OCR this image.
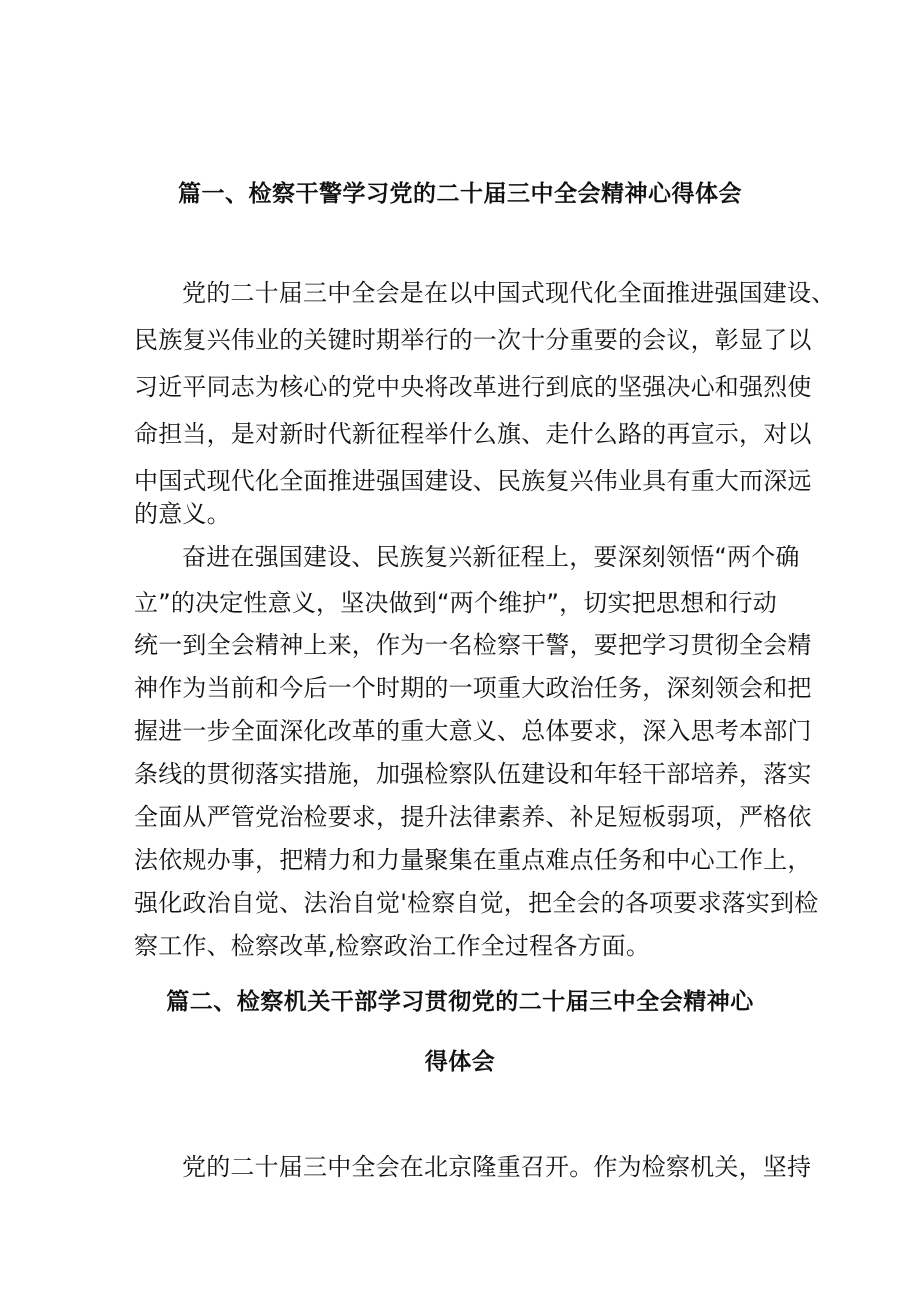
篇一、检察干警学习党的二十届三中全会精神心得体会
党的二十届三中全会是在以中国式现代化全面推进强国建设、
民族复兴伟业的关键时期举行的一次十分重要的会议，彰显了以
习近平同志为核心的党中央将改革进行到底的坚强决心和强烈使
命担当，是对新时代新征程举什么旗、走什么路的再宣示，对以
中国式现代化全面推进强国建设、民族复兴伟业具有重大而深远
的意义。
奋进在强国建设、民族复兴新征程上，要深刻领悟“两个确
立”的决定性意义，坚决做到“两个维护”，切实把思想和行动
统一到全会精神上来，作为一名检察干警，要把学习贯彻全会精
神作为当前和今后一个时期的一项重大政治任务，深刻领会和把
握进一步全面深化改革的重大意义、总体要求，深入思考本部门
条线的贯彻落实措施，加强检察队伍建设和年轻干部培养，落实
全面从严管党治检要求，提升法律素养、补足短板弱项，严格依
法依规办事，把精力和力量聚集在重点难点任务和中心工作上，
强化政治自觉、法治自觉'检察自觉，把全会的各项要求落实到检
察工作、检察改革,检察政治工作全过程各方面。
篇二、检察机关干部学习贯彻党的二十届三中全会精神心
得体会
党的二十届三中全会在北京隆重召开。作为检察机关，坚持
